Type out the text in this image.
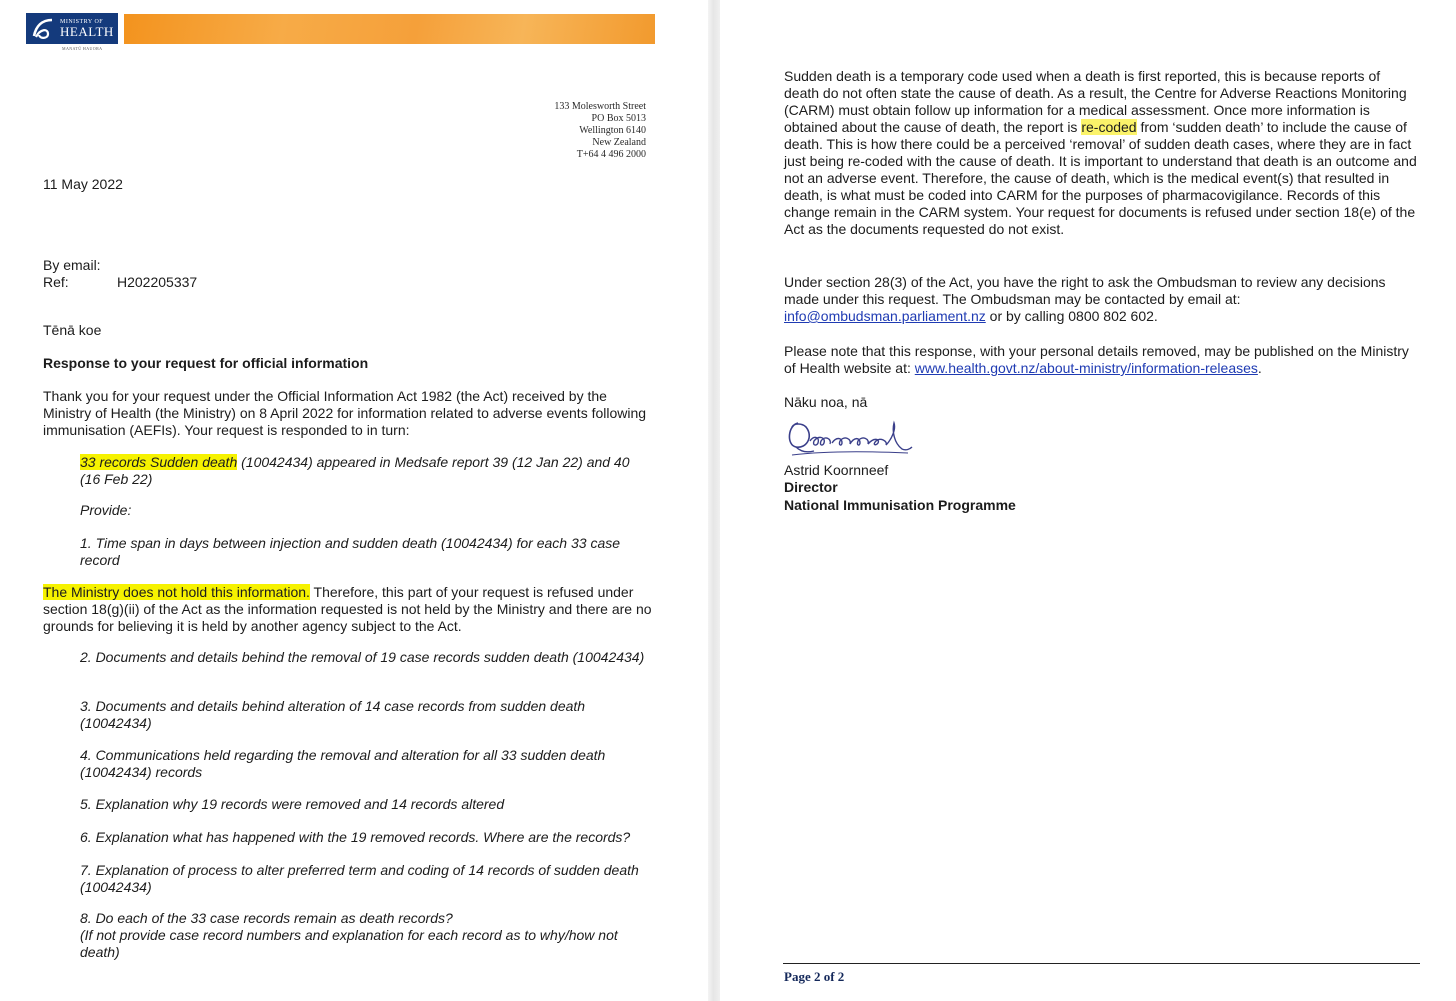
MINISTRY OF
HEALTH
MANATŪ HAUORA
133 Molesworth Street
PO Box 5013
Wellington 6140
New Zealand
T+64 4 496 2000
11 May 2022
By email:
Ref:	H202205337
Tēnā koe
Response to your request for official information
Thank you for your request under the Official Information Act 1982 (the Act) received by the Ministry of Health (the Ministry) on 8 April 2022 for information related to adverse events following immunisation (AEFIs). Your request is responded to in turn:
33 records Sudden death (10042434) appeared in Medsafe report 39 (12 Jan 22) and 40 (16 Feb 22)
Provide:
1. Time span in days between injection and sudden death (10042434) for each 33 case record
The Ministry does not hold this information. Therefore, this part of your request is refused under section 18(g)(ii) of the Act as the information requested is not held by the Ministry and there are no grounds for believing it is held by another agency subject to the Act.
2. Documents and details behind the removal of 19 case records sudden death (10042434)
3. Documents and details behind alteration of 14 case records from sudden death (10042434)
4. Communications held regarding the removal and alteration for all 33 sudden death (10042434) records
5. Explanation why 19 records were removed and 14 records altered
6. Explanation what has happened with the 19 removed records. Where are the records?
7. Explanation of process to alter preferred term and coding of 14 records of sudden death (10042434)
8. Do each of the 33 case records remain as death records?
(If not provide case record numbers and explanation for each record as to why/how not death)
Sudden death is a temporary code used when a death is first reported, this is because reports of death do not often state the cause of death. As a result, the Centre for Adverse Reactions Monitoring (CARM) must obtain follow up information for a medical assessment. Once more information is obtained about the cause of death, the report is re-coded from ‘sudden death’ to include the cause of death. This is how there could be a perceived ‘removal’ of sudden death cases, where they are in fact just being re-coded with the cause of death. It is important to understand that death is an outcome and not an adverse event. Therefore, the cause of death, which is the medical event(s) that resulted in death, is what must be coded into CARM for the purposes of pharmacovigilance. Records of this change remain in the CARM system. Your request for documents is refused under section 18(e) of the Act as the documents requested do not exist.
Under section 28(3) of the Act, you have the right to ask the Ombudsman to review any decisions made under this request. The Ombudsman may be contacted by email at: info@ombudsman.parliament.nz or by calling 0800 802 602.
Please note that this response, with your personal details removed, may be published on the Ministry of Health website at: www.health.govt.nz/about-ministry/information-releases.
Nāku noa, nā
Astrid Koornneef
Director
National Immunisation Programme
Page 2 of 2
